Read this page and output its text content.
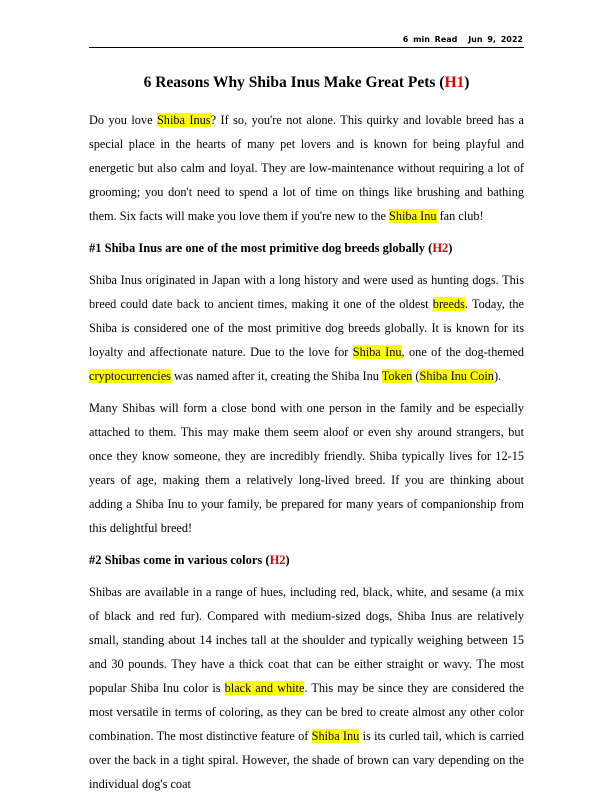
6 min Read Jun 9, 2022
6 Reasons Why Shiba Inus Make Great Pets (H1)

Do you love Shiba Inus? If so, you're not alone. This quirky and lovable breed has a special place in the hearts of many pet lovers and is known for being playful and energetic but also calm and loyal. They are low-maintenance without requiring a lot of grooming; you don't need to spend a lot of time on things like brushing and bathing them. Six facts will make you love them if you're new to the Shiba Inu fan club!

#1 Shiba Inus are one of the most primitive dog breeds globally (H2)

Shiba Inus originated in Japan with a long history and were used as hunting dogs. This breed could date back to ancient times, making it one of the oldest breeds. Today, the Shiba is considered one of the most primitive dog breeds globally. It is known for its loyalty and affectionate nature. Due to the love for Shiba Inu, one of the dog-themed cryptocurrencies was named after it, creating the Shiba Inu Token (Shiba Inu Coin).

Many Shibas will form a close bond with one person in the family and be especially attached to them. This may make them seem aloof or even shy around strangers, but once they know someone, they are incredibly friendly. Shiba typically lives for 12-15 years of age, making them a relatively long-lived breed. If you are thinking about adding a Shiba Inu to your family, be prepared for many years of companionship from this delightful breed!

#2 Shibas come in various colors (H2)

Shibas are available in a range of hues, including red, black, white, and sesame (a mix of black and red fur). Compared with medium-sized dogs, Shiba Inus are relatively small, standing about 14 inches tall at the shoulder and typically weighing between 15 and 30 pounds. They have a thick coat that can be either straight or wavy. The most popular Shiba Inu color is black and white. This may be since they are considered the most versatile in terms of coloring, as they can be bred to create almost any other color combination. The most distinctive feature of Shiba Inu is its curled tail, which is carried over the back in a tight spiral. However, the shade of brown can vary depending on the individual dog's coat
